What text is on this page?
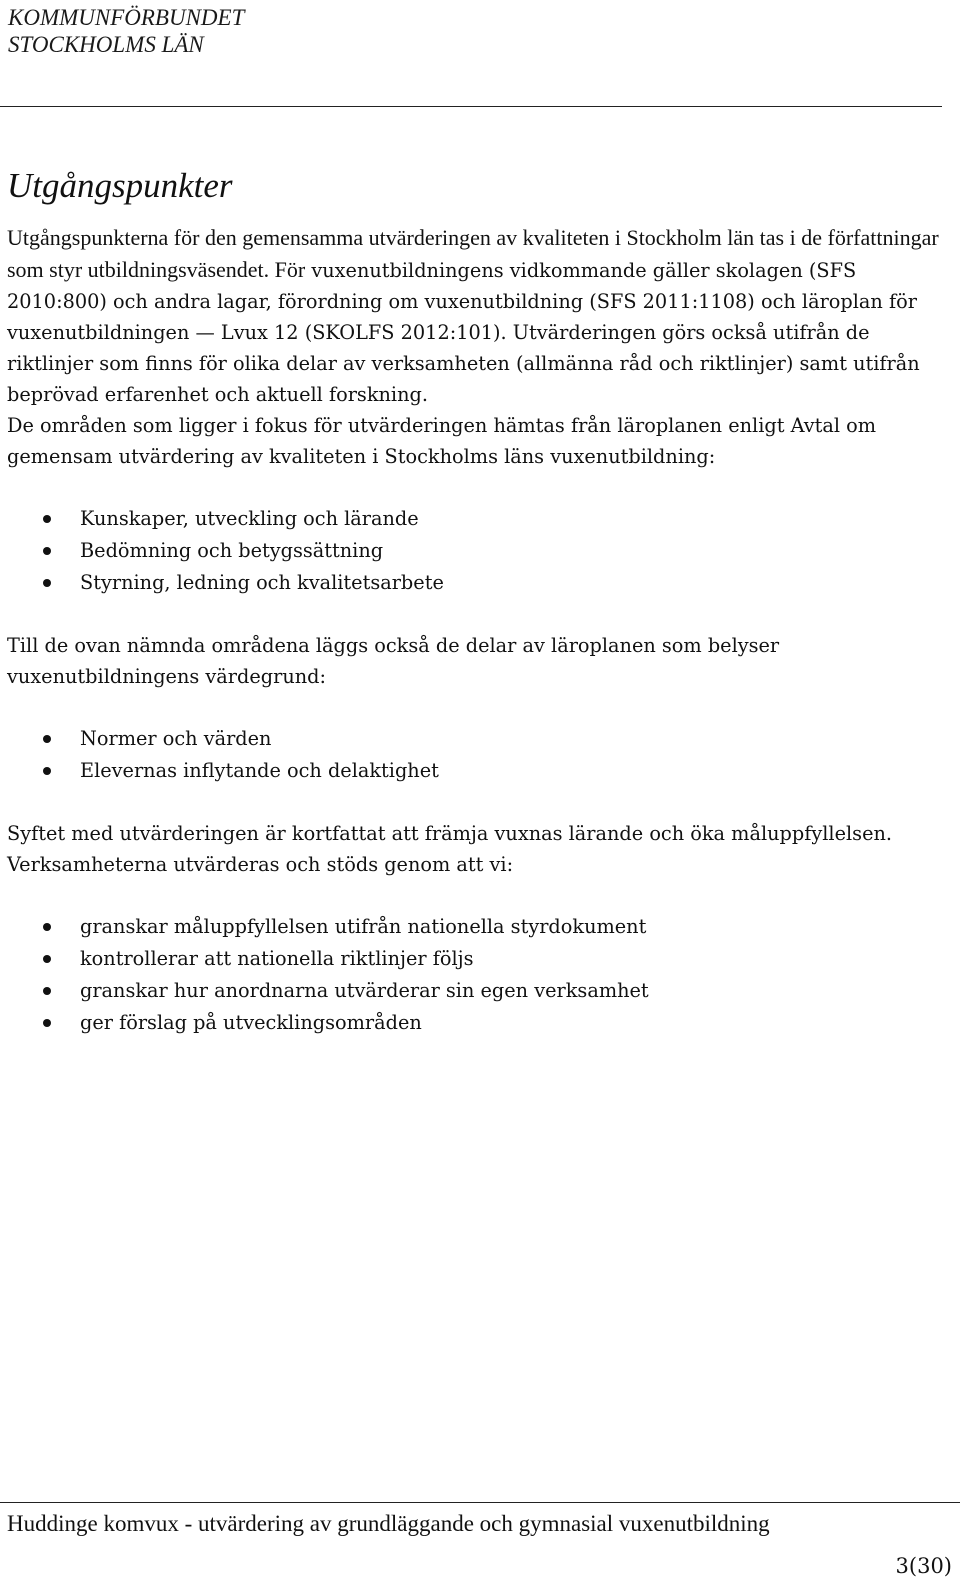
KOMMUNFÖRBUNDET
STOCKHOLMS LÄN
Utgångspunkter

Utgångspunkterna för den gemensamma utvärderingen av kvaliteten i Stockholm län tas i de författningar som styr utbildningsväsendet. För vuxenutbildningens vidkommande gäller skolagen (SFS 2010:800) och andra lagar, förordning om vuxenutbildning (SFS 2011:1108) och läroplan för vuxenutbildningen — Lvux 12 (SKOLFS 2012:101). Utvärderingen görs också utifrån de riktlinjer som finns för olika delar av verksamheten (allmänna råd och riktlinjer) samt utifrån beprövad erfarenhet och aktuell forskning.

De områden som ligger i fokus för utvärderingen hämtas från läroplanen enligt Avtal om gemensam utvärdering av kvaliteten i Stockholms läns vuxenutbildning:

Kunskaper, utveckling och lärande
Bedömning och betygssättning
Styrning, ledning och kvalitetsarbete

Till de ovan nämnda områdena läggs också de delar av läroplanen som belyser vuxenutbildningens värdegrund:

Normer och värden
Elevernas inflytande och delaktighet

Syftet med utvärderingen är kortfattat att främja vuxnas lärande och öka måluppfyllelsen. Verksamheterna utvärderas och stöds genom att vi:

granskar måluppfyllelsen utifrån nationella styrdokument
kontrollerar att nationella riktlinjer följs
granskar hur anordnarna utvärderar sin egen verksamhet
ger förslag på utvecklingsområden
Huddinge komvux - utvärdering av grundläggande och gymnasial vuxenutbildning
3(30)
